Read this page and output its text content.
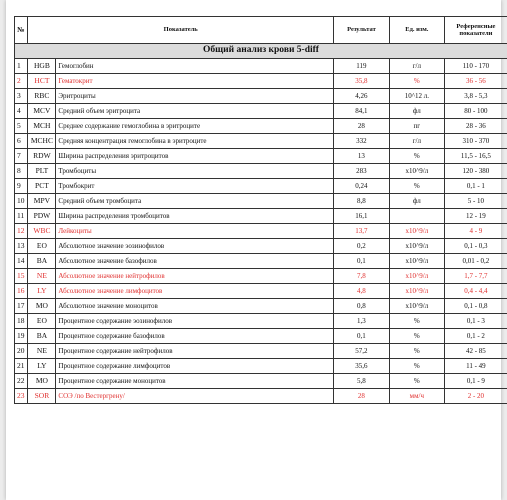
№	Показатель		Результат	Ед. изм.	Референсные показатели
Общий анализ крови 5-diff					
1	HGB	Гемоглобин	119	г/л	110 - 170
2	HCT	Гематокрит	35,8	%	36 - 56
3	RBC	Эритроциты	4,26	10^12 л.	3,8 - 5,3
4	MCV	Средний объем эритроцита	84,1	фл	80 - 100
5	MCH	Среднее содержание гемоглобина в эритроците	28	пг	28 - 36
6	MCHC	Средняя концентрация гемоглобина в эритроците	332	г/л	310 - 370
7	RDW	Ширина распределения эритроцитов	13	%	11,5 - 16,5
8	PLT	Тромбоциты	283	х10^9/л	120 - 380
9	PCT	Тромбокрит	0,24	%	0,1 - 1
10	MPV	Средний объем тромбоцита	8,8	фл	5 - 10
11	PDW	Ширина распределения тромбоцитов	16,1		12 - 19
12	WBC	Лейкоциты	13,7	х10^9/л	4 - 9
13	EO	Абсолютное значение эозинофилов	0,2	х10^9/л	0,1 - 0,3
14	BA	Абсолютное значение базофилов	0,1	х10^9/л	0,01 - 0,2
15	NE	Абсолютное значение нейтрофилов	7,8	х10^9/л	1,7 - 7,7
16	LY	Абсолютное значение лимфоцитов	4,8	х10^9/л	0,4 - 4,4
17	MO	Абсолютное значение моноцитов	0,8	х10^9/л	0,1 - 0,8
18	EO	Процентное содержание эозинофилов	1,3	%	0,1 - 3
19	BA	Процентное содержание базофилов	0,1	%	0,1 - 2
20	NE	Процентное содержание нейтрофилов	57,2	%	42 - 85
21	LY	Процентное содержание лимфоцитов	35,6	%	11 - 49
22	MO	Процентное содержание моноцитов	5,8	%	0,1 - 9
23	SOR	СОЭ /по Вестергрену/	28	мм/ч	2 - 20
